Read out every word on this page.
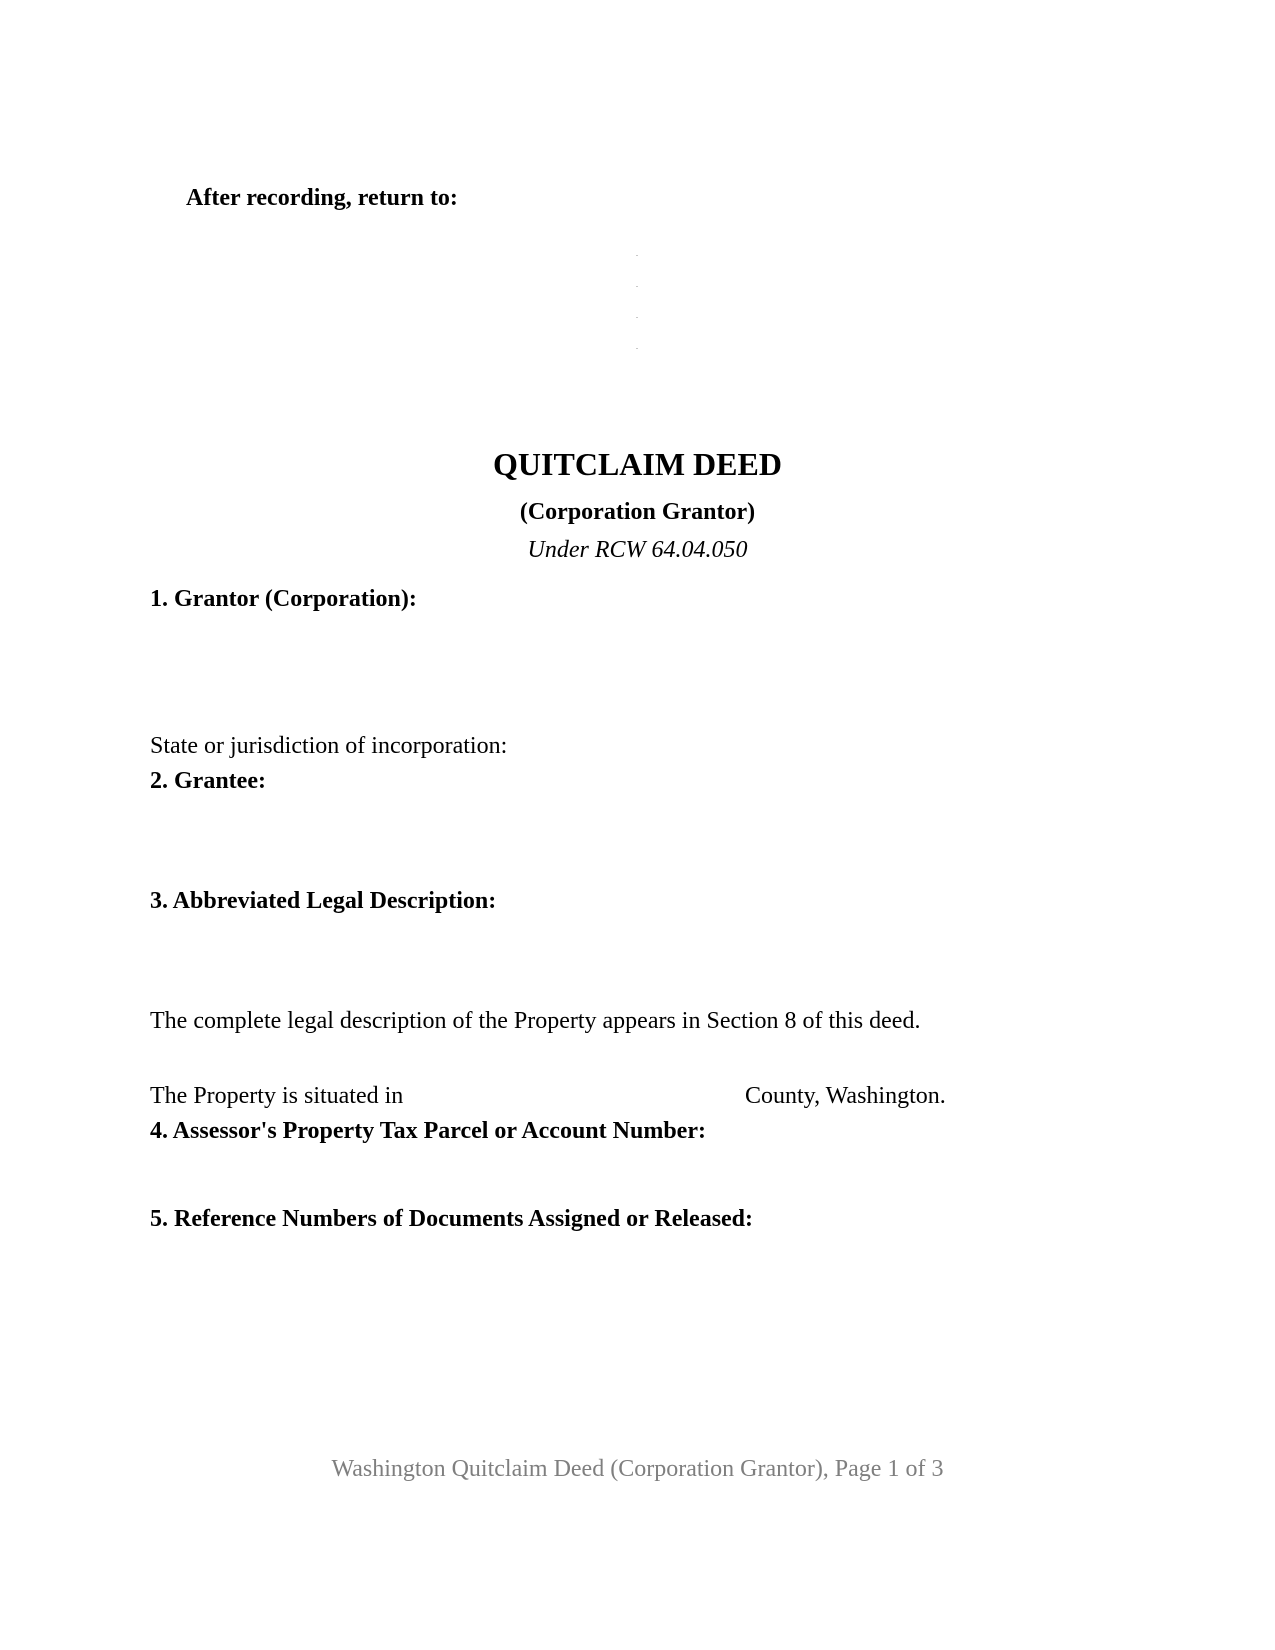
After recording, return to:
QUITCLAIM DEED
(Corporation Grantor)
Under RCW 64.04.050
1. Grantor (Corporation):
State or jurisdiction of incorporation:
2. Grantee:
3. Abbreviated Legal Description:
The complete legal description of the Property appears in Section 8 of this deed.
The Property is situated in	County, Washington.
4. Assessor's Property Tax Parcel or Account Number:
5. Reference Numbers of Documents Assigned or Released:
Washington Quitclaim Deed (Corporation Grantor), Page 1 of 3
